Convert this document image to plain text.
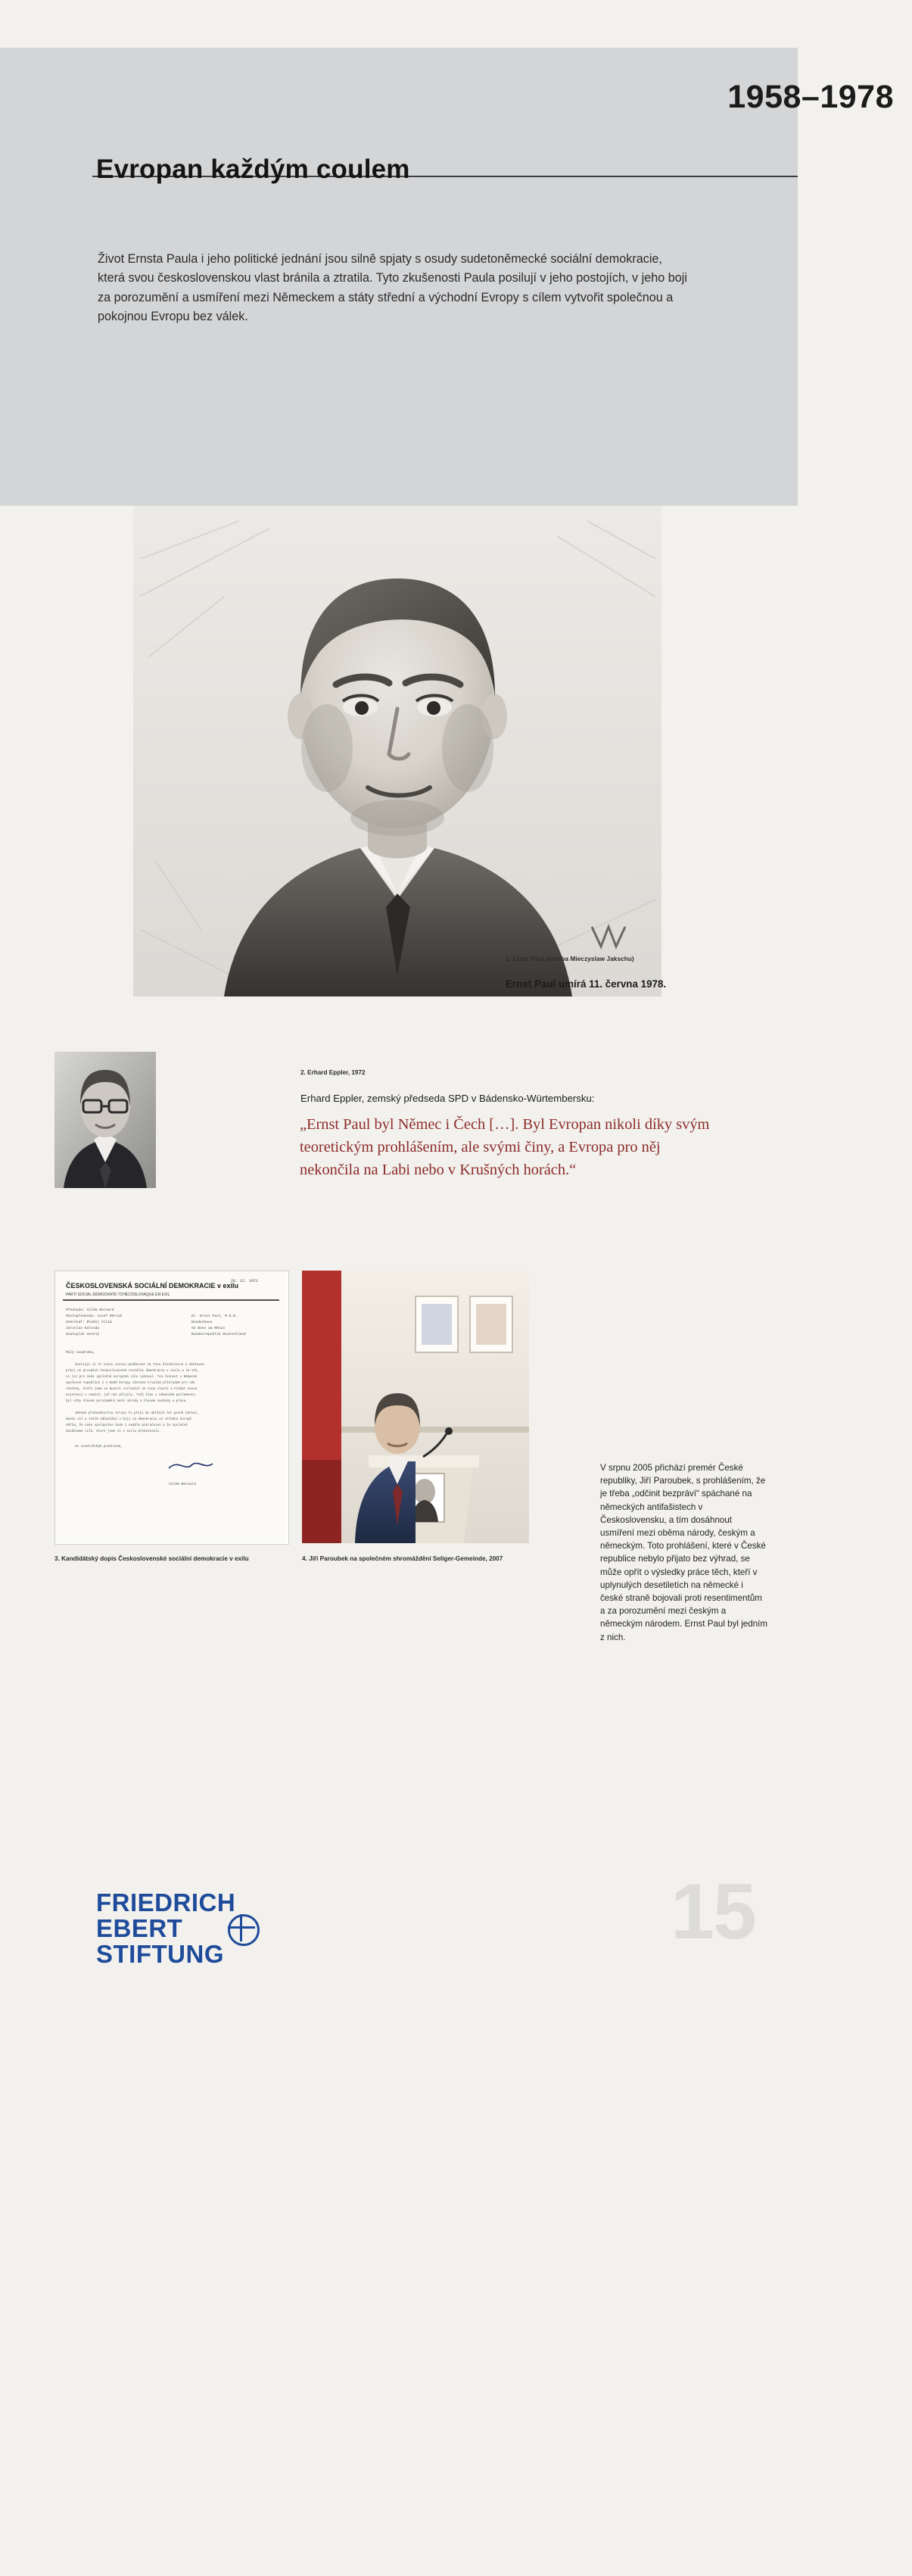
1958–1978
Evropan každým coulem
Život Ernsta Paula i jeho politické jednání jsou silně spjaty s osudy sudetoněmecké sociální demokracie, která svou československou vlast bránila a ztratila. Tyto zkušenosti Paula posilují v jeho postojích, v jeho boji za porozumění a usmíření mezi Německem a státy střední a východní Evropy s cílem vytvořit společnou a pokojnou Evropu bez válek.
1. Ernst Paul (kresba Mieczyslaw Jakschu)
Ernst Paul umírá 11. června 1978.
2. Erhard Eppler, 1972
Erhard Eppler, zemský předseda SPD v Bádensko-Würtembersku:
„Ernst Paul byl Němec i Čech […]. Byl Evropan nikoli díky svým teoretickým prohlášením, ale svými činy, a Evropa pro něj nekončila na Labi nebo v Krušných horách.“
ČESKOSLOVENSKÁ SOCIÁLNÍ DEMOKRACIE v exilu
PARTI SOCIAL-DÉMOCRATE TCHÉCOSLOVAQUE EN EXIL
28. 12. 1971
Předseda: Vilém Bernard
Místopředseda: Josef Měrnik
Sekretář: Blažej Vilím
Jaroslav Kalvoda
Svatopluk Veselý
Dr. Ernst Paul, M.d.B.
Bundeshaus
53 Bonn am Rhein
Bundesrepublik Deutschland
Milý soudruhu,
dovoluji si Ti touto cestou poděkovat za Tvou dlouholetou a obětavou
práci ve prospěch československé sociální demokracie v exilu a za vše,
co jsi pro naše společné evropské cíle vykonal. Tvá činnost v Německé
spolkové republice i v Radě Evropy zůstane trvalým příkladem pro nás
všechny, kteří jsme se museli rozloučit se svou vlastí a hledat novou
existenci v zemích, jež nás přijaly. Tvůj hlas v německém parlamentu
byl vždy hlasem porozumění mezi národy a hlasem svobody a práva.
Jménem předsednictva strany Ti přeji do dalších let pevné zdraví,
mnoho sil a stálé odhodlání v boji za demokracii ve střední Evropě.
Věřím, že naše spolupráce bude i nadále pokračovat a že společně
dosáhneme cílů, které jsme si v exilu předsevzali.
Se soudružským pozdravem,
Vilém Bernard
3. Kandidátský dopis Československé sociální demokracie v exilu	4. Jiří Paroubek na společném shromáždění Seliger-Gemeinde, 2007
V srpnu 2005 přichází premér České republiky, Jiří Paroubek, s prohlášením, že je třeba „odčinit bezpráví“ spáchané na německých antifašistech v Československu, a tím dosáhnout usmíření mezi oběma národy, českým a německým. Toto prohlášení, které v České republice nebylo přijato bez výhrad, se může opřít o výsledky práce těch, kteří v uplynulých desetiletích na německé i české straně bojovali proti resentimentům a za porozumění mezi českým a německým národem. Ernst Paul byl jedním z nich.
FRIEDRICH
EBERT
STIFTUNG	15
